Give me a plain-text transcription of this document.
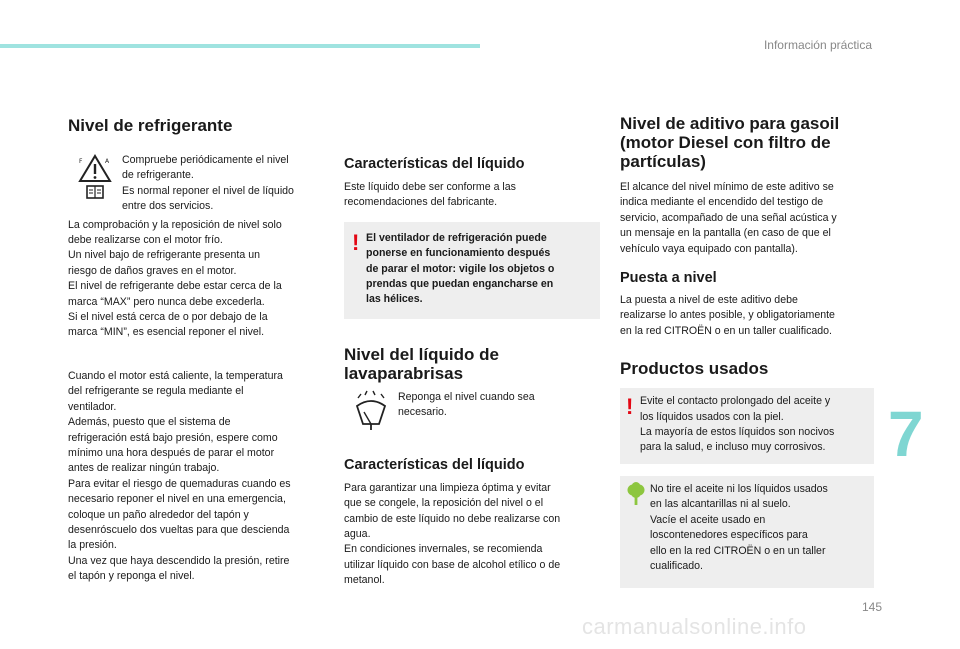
Información práctica
7
145
carmanualsonline.info
Nivel de refrigerante
F	A Compruebe periódicamente el nivel

de refrigerante.

Es normal reponer el nivel de líquido

entre dos servicios.

La comprobación y la reposición de nivel solo

debe realizarse con el motor frío.

Un nivel bajo de refrigerante presenta un

riesgo de daños graves en el motor.

El nivel de refrigerante debe estar cerca de la

marca “MAX” pero nunca debe excederla.

Si el nivel está cerca de o por debajo de la

marca “MIN”, es esencial reponer el nivel.

Cuando el motor está caliente, la temperatura

del refrigerante se regula mediante el

ventilador.

Además, puesto que el sistema de

refrigeración está bajo presión, espere como

mínimo una hora después de parar el motor

antes de realizar ningún trabajo.

Para evitar el riesgo de quemaduras cuando es

necesario reponer el nivel en una emergencia,

coloque un paño alrededor del tapón y

desenróscuelo dos vueltas para que descienda

la presión.

Una vez que haya descendido la presión, retire

el tapón y reponga el nivel.

Características del líquido

Este líquido debe ser conforme a las

recomendaciones del fabricante.

! El ventilador de refrigeración puede

ponerse en funcionamiento después

de parar el motor: vigile los objetos o

prendas que puedan engancharse en

las hélices.

Nivel del líquido de

lavaparabrisas

Reponga el nivel cuando sea

necesario.

Características del líquido

Para garantizar una limpieza óptima y evitar

que se congele, la reposición del nivel o el

cambio de este líquido no debe realizarse con

agua.

En condiciones invernales, se recomienda

utilizar líquido con base de alcohol etílico o de

metanol.

Nivel de aditivo para gasoil

(motor Diesel con filtro de

partículas)

El alcance del nivel mínimo de este aditivo se

indica mediante el encendido del testigo de

servicio, acompañado de una señal acústica y

un mensaje en la pantalla (en caso de que el

vehículo vaya equipado con pantalla).

Puesta a nivel

La puesta a nivel de este aditivo debe

realizarse lo antes posible, y obligatoriamente

en la red CITROËN o en un taller cualificado.

Productos usados

! Evite el contacto prolongado del aceite y

los líquidos usados con la piel.

La mayoría de estos líquidos son nocivos

para la salud, e incluso muy corrosivos.

No tire el aceite ni los líquidos usados

en las alcantarillas ni al suelo.

Vacíe el aceite usado en

loscontenedores específicos para

ello en la red CITROËN o en un taller

cualificado.
